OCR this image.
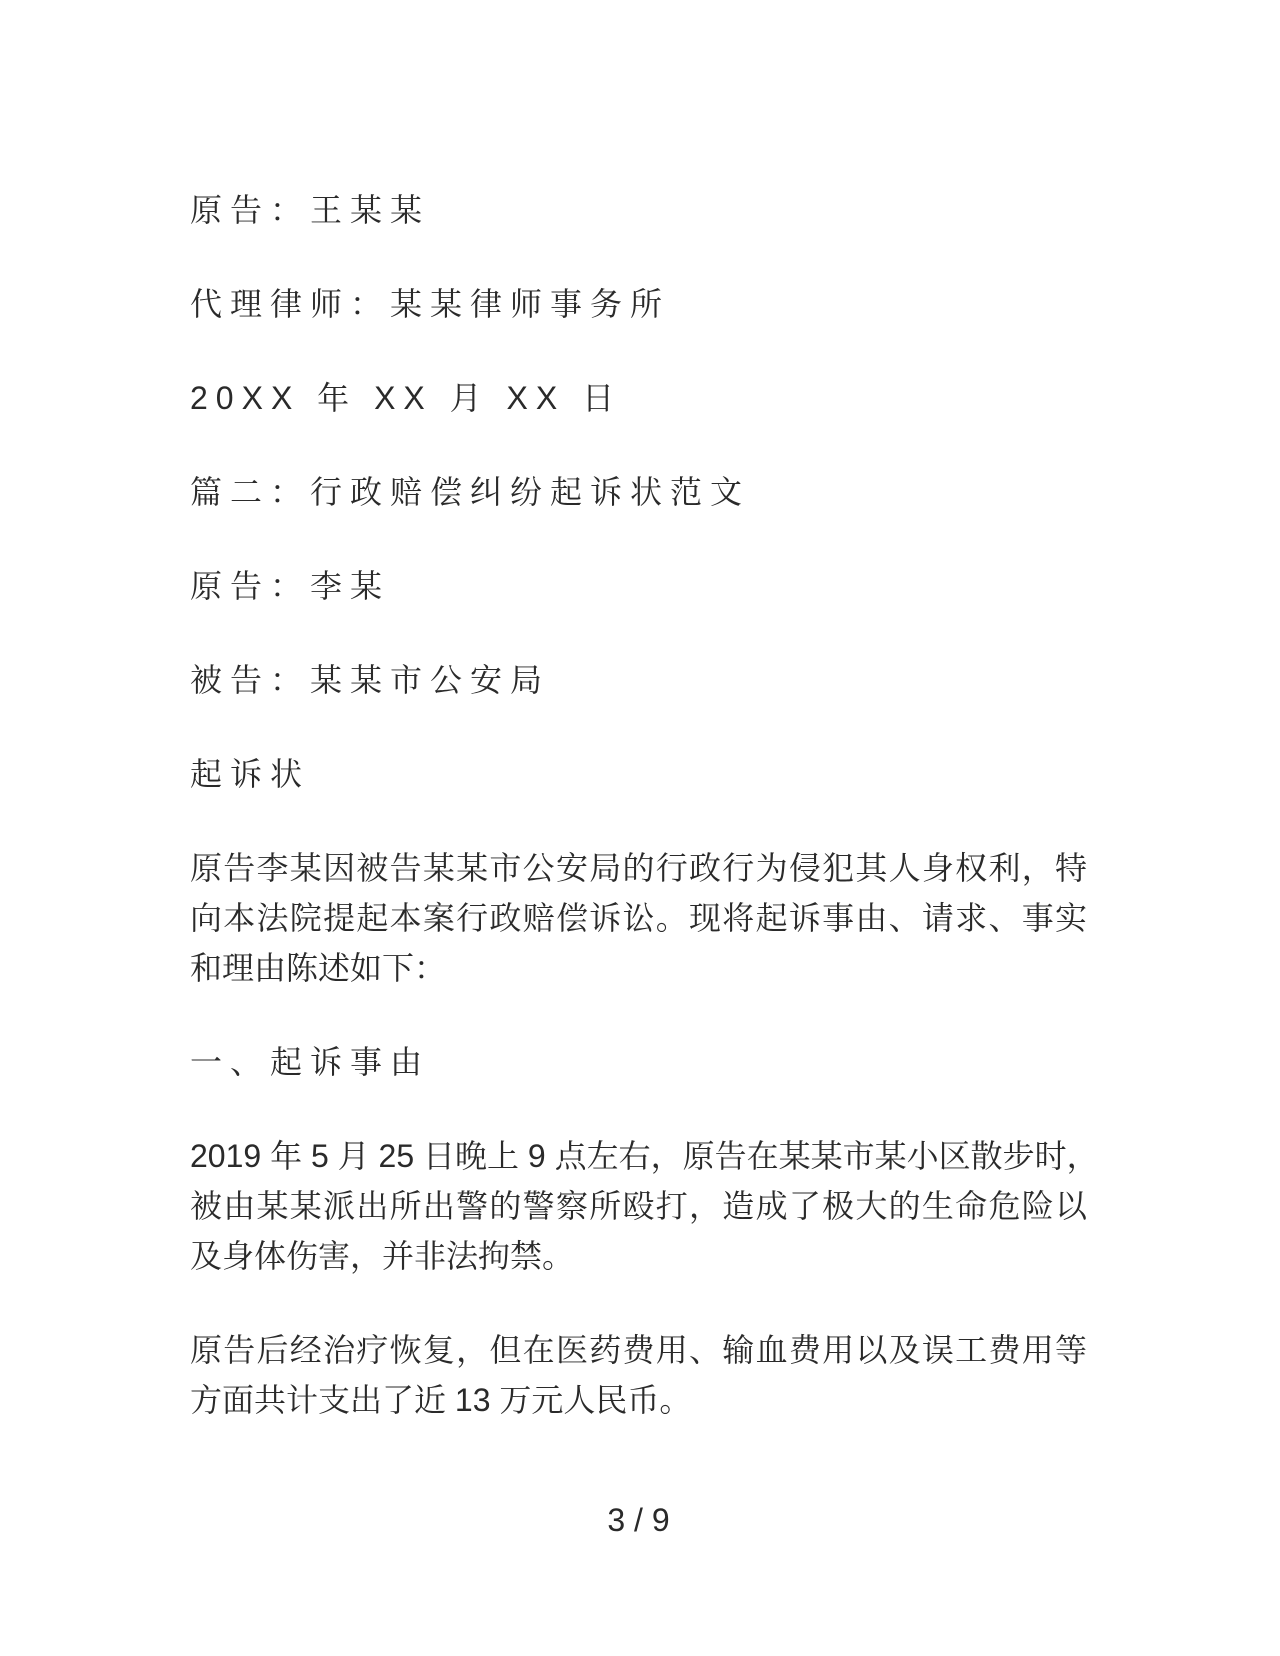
原告：王某某
代理律师：某某律师事务所
20XX 年 XX 月 XX 日
篇二：行政赔偿纠纷起诉状范文
原告：李某
被告：某某市公安局
起诉状
原告李某因被告某某市公安局的行政行为侵犯其人身权利，特
向本法院提起本案行政赔偿诉讼。现将起诉事由、请求、事实
和理由陈述如下：
一、起诉事由
2019 年 5 月 25 日晚上 9 点左右，原告在某某市某小区散步时，
被由某某派出所出警的警察所殴打，造成了极大的生命危险以
及身体伤害，并非法拘禁。
原告后经治疗恢复，但在医药费用、输血费用以及误工费用等
方面共计支出了近 13 万元人民币。
3 / 9
